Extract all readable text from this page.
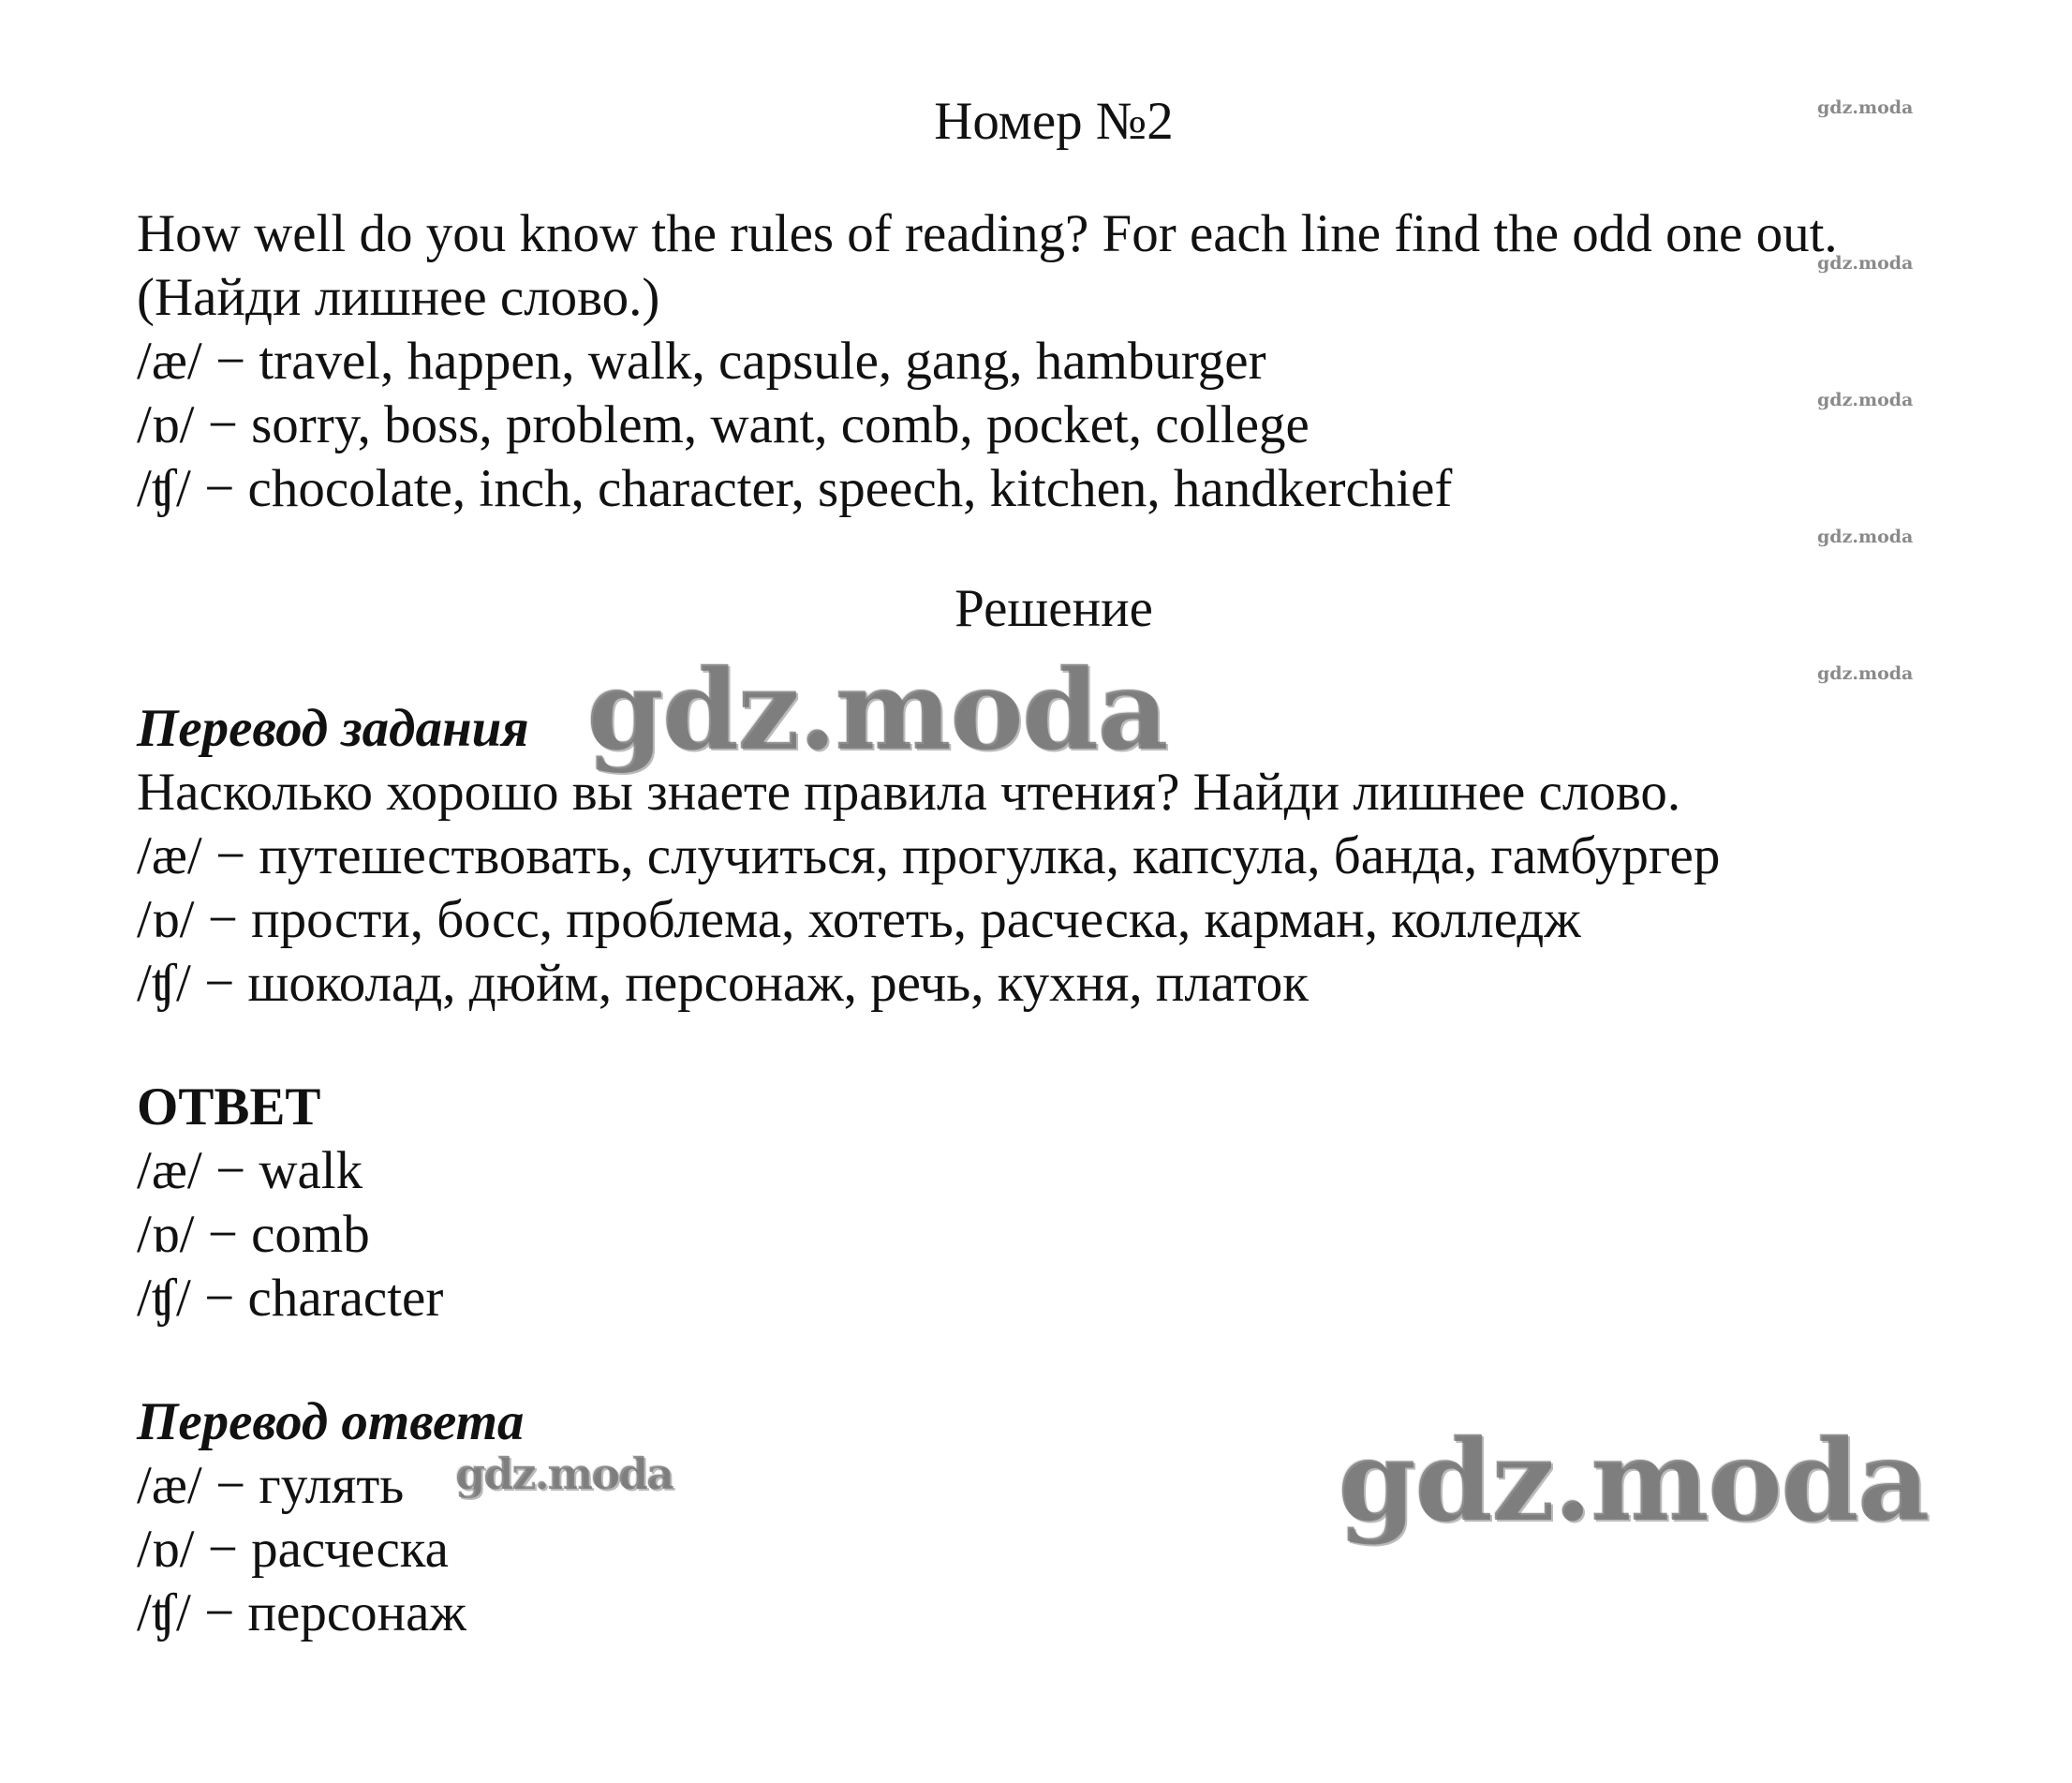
Номер №2
How well do you know the rules of reading? For each line find the odd one out.
(Найди лишнее слово.)
/æ/ − travel, happen, walk, capsule, gang, hamburger
/ɒ/ − sorry, boss, problem, want, comb, pocket, college
/ʧ/ − chocolate, inch, character, speech, kitchen, handkerchief
Решение
Перевод задания
Насколько хорошо вы знаете правила чтения? Найди лишнее слово.
/æ/ − путешествовать, случиться, прогулка, капсула, банда, гамбургер
/ɒ/ − прости, босс, проблема, хотеть, расческа, карман, колледж
/ʧ/ − шоколад, дюйм, персонаж, речь, кухня, платок
ОТВЕТ
/æ/ − walk
/ɒ/ − comb
/ʧ/ − character
Перевод ответа
/æ/ − гулять
/ɒ/ − расческа
/ʧ/ − персонаж
gdz.moda
gdz.moda
gdz.moda
gdz.moda
gdz.moda
gdz.moda
gdz.moda	gdz.moda
